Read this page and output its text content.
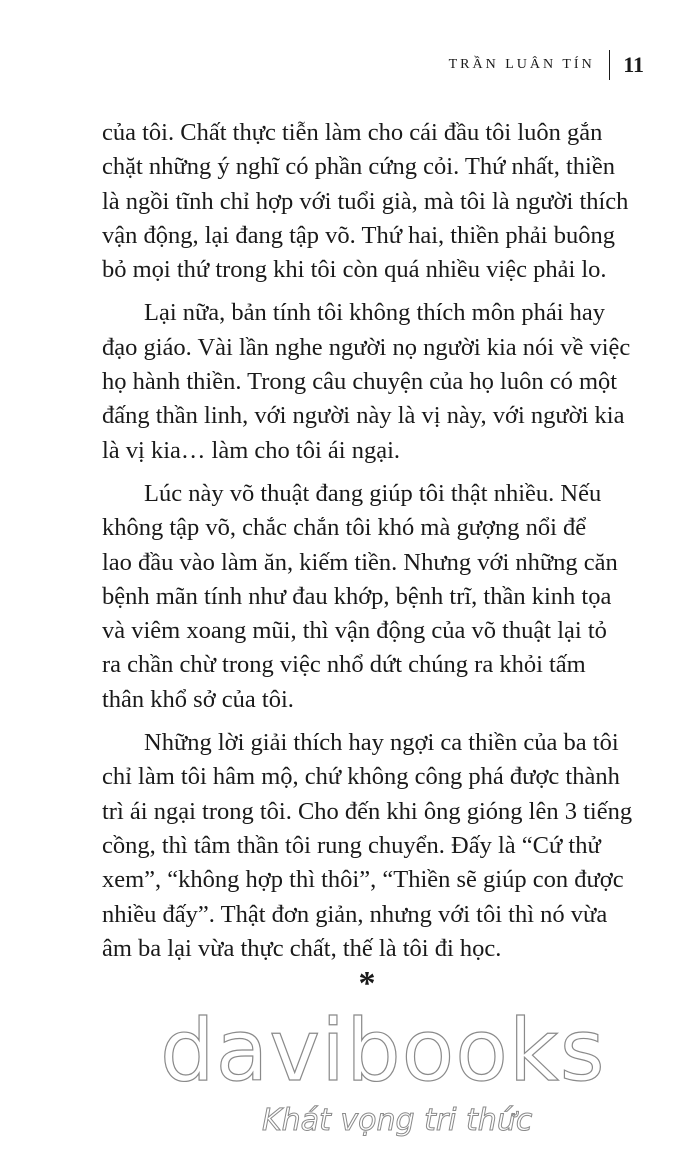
TRẦN LUÂN TÍN 11
của tôi. Chất thực tiễn làm cho cái đầu tôi luôn gắn
chặt những ý nghĩ có phần cứng cỏi. Thứ nhất, thiền
là ngồi tĩnh chỉ hợp với tuổi già, mà tôi là người thích
vận động, lại đang tập võ. Thứ hai, thiền phải buông
bỏ mọi thứ trong khi tôi còn quá nhiều việc phải lo.
Lại nữa, bản tính tôi không thích môn phái hay
đạo giáo. Vài lần nghe người nọ người kia nói về việc
họ hành thiền. Trong câu chuyện của họ luôn có một
đấng thần linh, với người này là vị này, với người kia
là vị kia… làm cho tôi ái ngại.
Lúc này võ thuật đang giúp tôi thật nhiều. Nếu
không tập võ, chắc chắn tôi khó mà gượng nổi để
lao đầu vào làm ăn, kiếm tiền. Nhưng với những căn
bệnh mãn tính như đau khớp, bệnh trĩ, thần kinh tọa
và viêm xoang mũi, thì vận động của võ thuật lại tỏ
ra chần chừ trong việc nhổ dứt chúng ra khỏi tấm
thân khổ sở của tôi.
Những lời giải thích hay ngợi ca thiền của ba tôi
chỉ làm tôi hâm mộ, chứ không công phá được thành
trì ái ngại trong tôi. Cho đến khi ông gióng lên 3 tiếng
cồng, thì tâm thần tôi rung chuyển. Đấy là “Cứ thử
xem”, “không hợp thì thôi”, “Thiền sẽ giúp con được
nhiều đấy”. Thật đơn giản, nhưng với tôi thì nó vừa
âm ba lại vừa thực chất, thế là tôi đi học.
*
davibooks
Khát vọng tri thức
